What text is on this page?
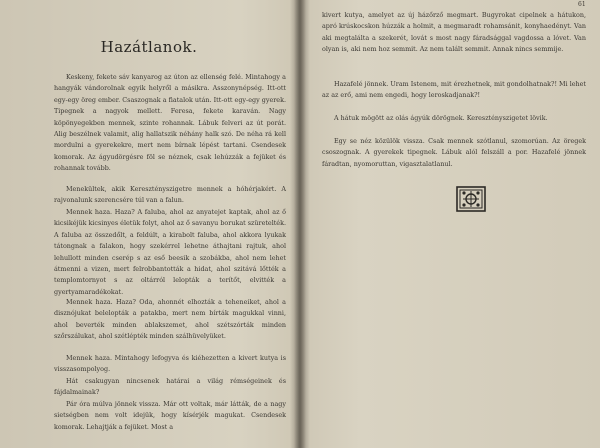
Hazátlanok.

Keskeny, fekete sáv kanyarog az úton az ellenség felé. Mintahogy a hangyák vándorolnak egyik helyről a másikra. Asszonynépség. Itt-ott egy-egy öreg ember. Csaszognak a fiatalok után. Itt-ott egy-egy gyerek. Tipegnek a nagyok mellett. Feresa, fekete karaván. Nagy köpönyegekben mennek, szinte rohannak. Lábuk felveri az út porát. Alig beszélnek valamit, alig hallatszik néhány halk szó. De néha rá kell mordulni a gyerekekre, mert nem bírnak lépést tartani. Csendesek komorak. Az ágyudörgésre föl se néznek, csak lehúzzák a fejüket és rohannak tovább.

Menekültek, akik Keresztényszigetre mennek a hóhérjakért. A rajvonalunk szerencsére túl van a falun.

Mennek haza. Haza? A faluba, ahol az anyatejet kaptak, ahol az ő kicsikéjük kicsinyes életük folyt, ahol az ő savanyu borukat szüretelték. A faluba az összedőlt, a feldúlt, a kirabolt faluba, ahol akkora lyukak tátongnak a falakon, hogy szekérrel lehetne áthajtani rajtuk, ahol lehullott minden cserép s az eső beesik a szobákba, ahol nem lehet átmenni a vizen, mert felrobbantották a hidat, ahol szitává lőtték a templomtornyot s az oltárról lelopták a terítőt, elvitték a gyertyamaradékokat.

Mennek haza. Haza? Oda, ahonnét elhozták a teheneiket, ahol a disznójukat belelopták a patakba, mert nem bírták magukkal vinni, ahol beverték minden ablakszemet, ahol szétszórták minden szőrszálukat, ahol szétlépték minden szálhüvelyüket.

Mennek haza. Mintahogy lefogyva és kiéhezetten a kivert kutya is visszasompolyog.

Hát csakugyan nincsenek határai a világ rémségeinek és fájdalmainak?

Pár óra múlva jönnek vissza. Már ott voltak, már látták, de a nagy sietségben nem volt idejük, hogy kísérjék magukat. Csendesek komorak. Lehajtják a fejüket. Most a

61

kivert kutya, amelyet az új házőrző megmart. Bugyrokat cipelnek a hátukon, apró krúskocskon húzzák a holmit, a megmaradt rohamsánit, konyhaedényt. Van aki megtalálta a szekerét, lovát s most nagy fáradsággal vagdossa a lóvet. Van olyan is, aki nem hoz semmit. Az nem talált semmit. Annak nincs semmije.

Hazafelé jönnek. Uram Istenem, mit érezhetnek, mit gondolhatnak?! Mi lehet az az erő, ami nem engedi, hogy leroskadjanak?!

A hátuk mögött az olás ágyúk dörögnek. Keresztényszigetet lövik.

Egy se néz közülök vissza. Csak mennek szótlanul, szomorúan. Az öregek csoszognak. A gyerekek tipegnek. Lábuk alól felszáll a por. Hazafelé jönnek fáradtan, nyomoruttan, vigasztalatlanul.
